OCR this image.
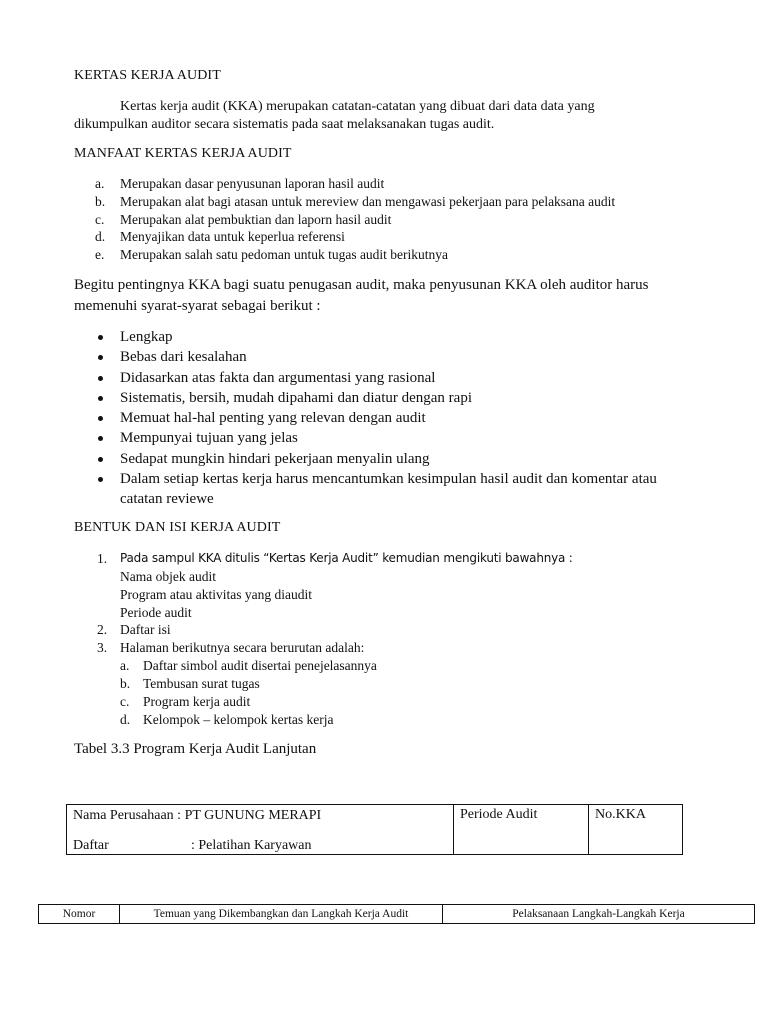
KERTAS KERJA AUDIT
Kertas kerja audit (KKA) merupakan catatan-catatan yang dibuat dari data data yang
dikumpulkan auditor secara sistematis pada saat melaksanakan tugas audit.
MANFAAT KERTAS KERJA AUDIT
a. Merupakan dasar penyusunan laporan hasil audit
b. Merupakan alat bagi atasan untuk mereview dan mengawasi pekerjaan para pelaksana audit
c. Merupakan alat pembuktian dan laporn hasil audit
d. Menyajikan data untuk keperlua referensi
e. Merupakan salah satu pedoman untuk tugas audit berikutnya
Begitu pentingnya KKA bagi suatu penugasan audit, maka penyusunan KKA oleh auditor harus
memenuhi syarat-syarat sebagai berikut :
Lengkap
Bebas dari kesalahan
Didasarkan atas fakta dan argumentasi yang rasional
Sistematis, bersih, mudah dipahami dan diatur dengan rapi
Memuat hal-hal penting yang relevan dengan audit
Mempunyai tujuan yang jelas
Sedapat mungkin hindari pekerjaan menyalin ulang
Dalam setiap kertas kerja harus mencantumkan kesimpulan hasil audit dan komentar atau
catatan reviewe
BENTUK DAN ISI KERJA AUDIT
Pada sampul KKA ditulis “Kertas Kerja Audit” kemudian mengikuti bawahnya :
1.
Nama objek audit
Program atau aktivitas yang diaudit
Periode audit
2. Daftar isi
3. Halaman berikutnya secara berurutan adalah:
a. Daftar simbol audit disertai penejelasannya
b. Tembusan surat tugas
c. Program kerja audit
d. Kelompok – kelompok kertas kerja
Tabel 3.3 Program Kerja Audit Lanjutan
Nama Perusahaan : PT GUNUNG MERAPI
Daftar	: Pelatihan Karyawan
	Periode Audit	No.KKA
Nomor	Temuan yang Dikembangkan dan Langkah Kerja Audit	Pelaksanaan Langkah-Langkah Kerja
